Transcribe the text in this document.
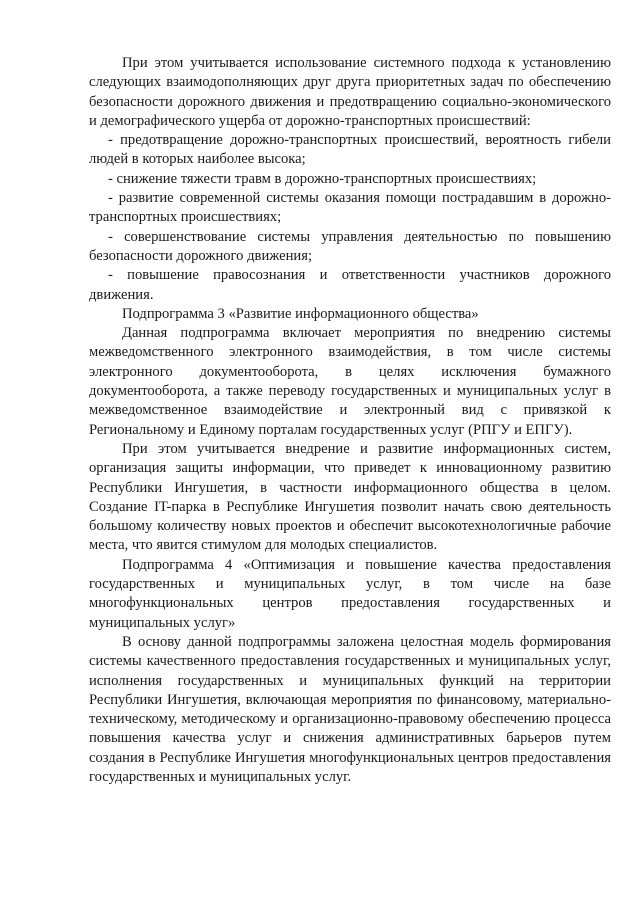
При этом учитывается использование системного подхода к установлению следующих взаимодополняющих друг друга приоритетных задач по обеспечению безопасности дорожного движения и предотвращению социально-экономического и демографического ущерба от дорожно-транспортных происшествий:

- предотвращение дорожно-транспортных происшествий, вероятность гибели людей в которых наиболее высока;

- снижение тяжести травм в дорожно-транспортных происшествиях;

- развитие современной системы оказания помощи пострадавшим в дорожно-транспортных происшествиях;

- совершенствование системы управления деятельностью по повышению безопасности дорожного движения;

- повышение правосознания и ответственности участников дорожного движения.

Подпрограмма 3 «Развитие информационного общества»

Данная подпрограмма включает мероприятия по внедрению системы межведомственного электронного взаимодействия, в том числе системы электронного документооборота, в целях исключения бумажного документооборота, а также переводу государственных и муниципальных услуг в межведомственное взаимодействие и электронный вид с привязкой к Региональному и Единому порталам государственных услуг (РПГУ и ЕПГУ).

При этом учитывается внедрение и развитие информационных систем, организация защиты информации, что приведет к инновационному развитию Республики Ингушетия, в частности информационного общества в целом. Создание IT-парка в Республике Ингушетия позволит начать свою деятельность большому количеству новых проектов и обеспечит высокотехнологичные рабочие места, что явится стимулом для молодых специалистов.

Подпрограмма 4 «Оптимизация и повышение качества предоставления государственных и муниципальных услуг, в том числе на базе многофункциональных центров предоставления государственных и муниципальных услуг»

В основу данной подпрограммы заложена целостная модель формирования системы качественного предоставления государственных и муниципальных услуг, исполнения государственных и муниципальных функций на территории Республики Ингушетия, включающая мероприятия по финансовому, материально-техническому, методическому и организационно-правовому обеспечению процесса повышения качества услуг и снижения административных барьеров путем создания в Республике Ингушетия многофункциональных центров предоставления государственных и муниципальных услуг.
